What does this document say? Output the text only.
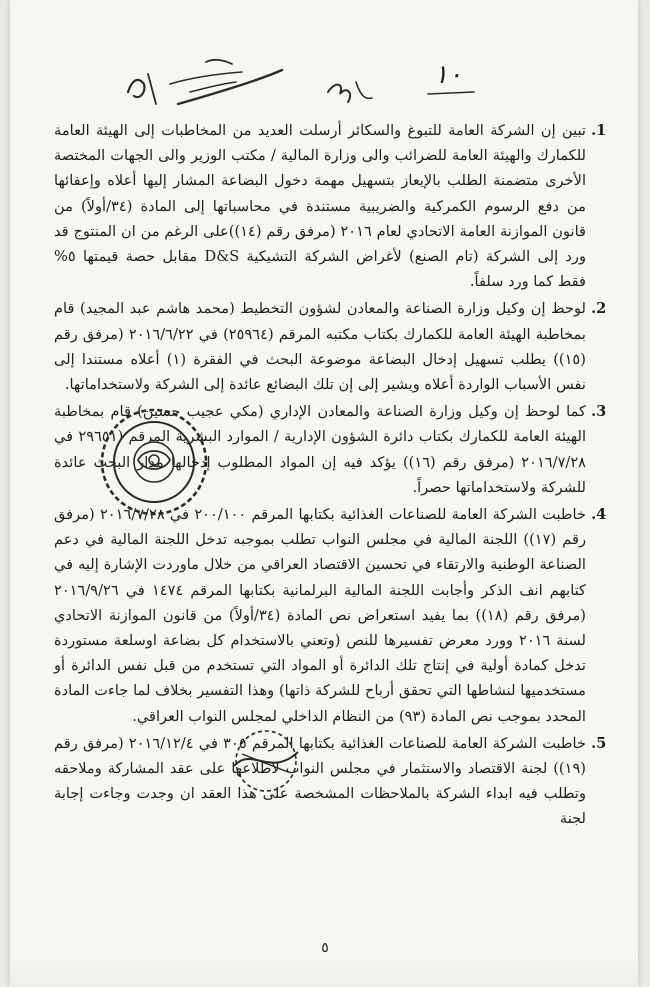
١٠
1. تبين إن الشركة العامة للتبوغ والسكائر أرسلت العديد من المخاطبات إلى الهيئة العامة للكمارك والهيئة العامة للضرائب والى وزارة المالية / مكتب الوزير والى الجهات المختصة الأخرى متضمنة الطلب بالإيعاز بتسهيل مهمة دخول البضاعة المشار إليها أعلاه وإعفائها من دفع الرسوم الكمركية والضريبية مستندة في محاسباتها إلى المادة (٣٤/أولاً) من قانون الموازنة العامة الاتحادي لعام ٢٠١٦ (مرفق رقم (١٤))على الرغم من ان المنتوج قد ورد إلى الشركة (تام الصنع) لأغراض الشركة التشيكية D&S مقابل حصة قيمتها ٥% فقط كما ورد سلفاً.
2. لوحظ إن وكيل وزارة الصناعة والمعادن لشؤون التخطيط (محمد هاشم عبد المجيد) قام بمخاطبة الهيئة العامة للكمارك بكتاب مكتبه المرقم (٢٥٩٦٤) في ٢٠١٦/٦/٢٢ (مرفق رقم (١٥)) يطلب تسهيل إدخال البضاعة موضوعة البحث في الفقرة (١) أعلاه مستندا إلى نفس الأسباب الواردة أعلاه ويشير إلى إن تلك البضائع عائدة إلى الشركة ولاستخداماتها.
3. كما لوحظ إن وكيل وزارة الصناعة والمعادن الإداري (مكي عجيب حسين) قام بمخاطبة الهيئة العامة للكمارك بكتاب دائرة الشؤون الإدارية / الموارد البشرية المرقم (٢٩٦٥١ في ٢٠١٦/٧/٢٨ (مرفق رقم (١٦)) يؤكد فيه إن المواد المطلوب إدخالها مدار البحث عائدة للشركة ولاستخداماتها حصراً.
4. خاطبت الشركة العامة للصناعات الغذائية بكتابها المرقم ٢٠٠/١٠٠ في ٢٠١٦/٧/٢٨ (مرفق رقم (١٧)) اللجنة المالية في مجلس النواب تطلب بموجبه تدخل اللجنة المالية في دعم الصناعة الوطنية والارتقاء في تحسين الاقتصاد العراقي من خلال ماوردت الإشارة إليه في كتابهم انف الذكر وأجابت اللجنة المالية البرلمانية بكتابها المرقم ١٤٧٤ في ٢٠١٦/٩/٢٦ (مرفق رقم (١٨)) بما يفيد استعراض نص المادة (٣٤/أولاً) من قانون الموازنة الاتحادي لسنة ٢٠١٦ وورد معرض تفسيرها للنص (وتعني بالاستخدام كل بضاعة اوسلعة مستوردة تدخل كمادة أولية في إنتاج تلك الدائرة أو المواد التي تستخدم من قبل نفس الدائرة أو مستخدميها لنشاطها التي تحقق أرباح للشركة ذاتها) وهذا التفسير بخلاف لما جاءت المادة المحدد بموجب نص المادة (٩٣) من النظام الداخلي لمجلس النواب العراقي.
5. خاطبت الشركة العامة للصناعات الغذائية بكتابها المرقم ٣٠٥ في ٢٠١٦/١٢/٤ (مرفق رقم (١٩)) لجنة الاقتصاد والاستثمار في مجلس النواب لاطلاعها على عقد المشاركة وملاحقه وتطلب فيه ابداء الشركة بالملاحظات المشخصة على هذا العقد ان وجدت وجاءت إجابة لجنة
٥
